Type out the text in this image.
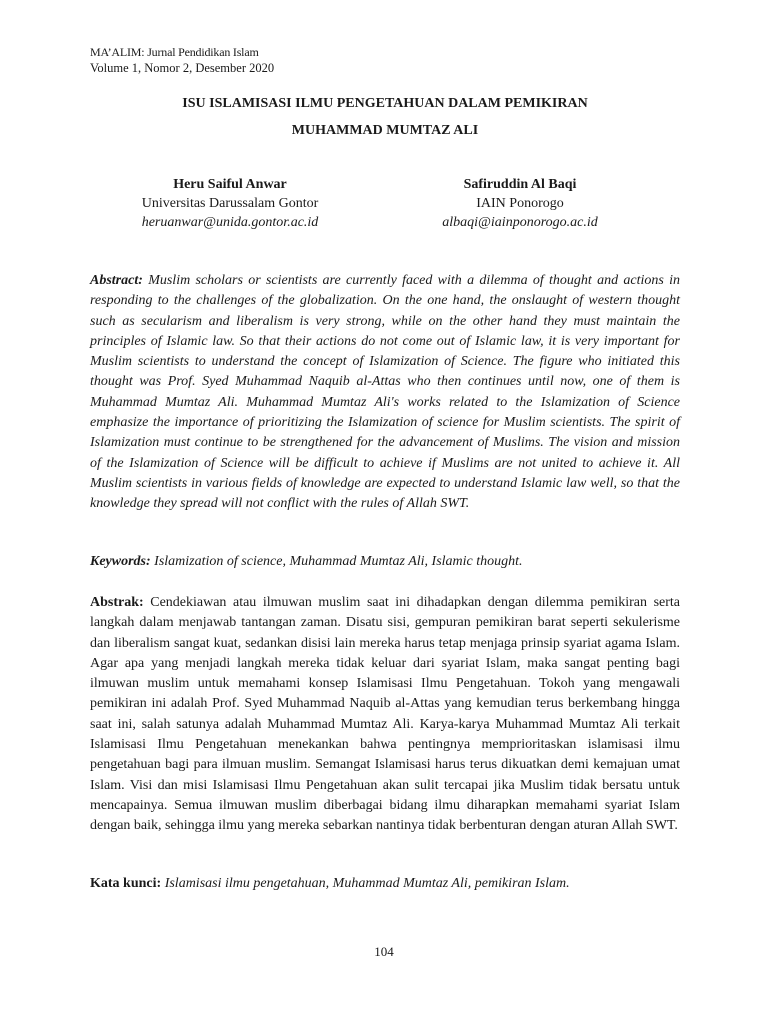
MA’ALIM: Jurnal Pendidikan Islam
Volume 1, Nomor 2, Desember 2020
ISU ISLAMISASI ILMU PENGETAHUAN DALAM PEMIKIRAN
MUHAMMAD MUMTAZ ALI
Heru Saiful Anwar
Universitas Darussalam Gontor
heruanwar@unida.gontor.ac.id
Safiruddin Al Baqi
IAIN Ponorogo
albaqi@iainponorogo.ac.id

Abstract: Muslim scholars or scientists are currently faced with a dilemma of thought and actions in responding to the challenges of the globalization. On the one hand, the onslaught of western thought such as secularism and liberalism is very strong, while on the other hand they must maintain the principles of Islamic law. So that their actions do not come out of Islamic law, it is very important for Muslim scientists to understand the concept of Islamization of Science. The figure who initiated this thought was Prof. Syed Muhammad Naquib al-Attas who then continues until now, one of them is Muhammad Mumtaz Ali. Muhammad Mumtaz Ali's works related to the Islamization of Science emphasize the importance of prioritizing the Islamization of science for Muslim scientists. The spirit of Islamization must continue to be strengthened for the advancement of Muslims. The vision and mission of the Islamization of Science will be difficult to achieve if Muslims are not united to achieve it. All Muslim scientists in various fields of knowledge are expected to understand Islamic law well, so that the knowledge they spread will not conflict with the rules of Allah SWT.

Keywords: Islamization of science, Muhammad Mumtaz Ali, Islamic thought.

Abstrak: Cendekiawan atau ilmuwan muslim saat ini dihadapkan dengan dilemma pemikiran serta langkah dalam menjawab tantangan zaman. Disatu sisi, gempuran pemikiran barat seperti sekulerisme dan liberalism sangat kuat, sedankan disisi lain mereka harus tetap menjaga prinsip syariat agama Islam. Agar apa yang menjadi langkah mereka tidak keluar dari syariat Islam, maka sangat penting bagi ilmuwan muslim untuk memahami konsep Islamisasi Ilmu Pengetahuan. Tokoh yang mengawali pemikiran ini adalah Prof. Syed Muhammad Naquib al-Attas yang kemudian terus berkembang hingga saat ini, salah satunya adalah Muhammad Mumtaz Ali. Karya-karya Muhammad Mumtaz Ali terkait Islamisasi Ilmu Pengetahuan menekankan bahwa pentingnya memprioritaskan islamisasi ilmu pengetahuan bagi para ilmuan muslim. Semangat Islamisasi harus terus dikuatkan demi kemajuan umat Islam. Visi dan misi Islamisasi Ilmu Pengetahuan akan sulit tercapai jika Muslim tidak bersatu untuk mencapainya. Semua ilmuwan muslim diberbagai bidang ilmu diharapkan memahami syariat Islam dengan baik, sehingga ilmu yang mereka sebarkan nantinya tidak berbenturan dengan aturan Allah SWT.

Kata kunci: Islamisasi ilmu pengetahuan, Muhammad Mumtaz Ali, pemikiran Islam.

104
